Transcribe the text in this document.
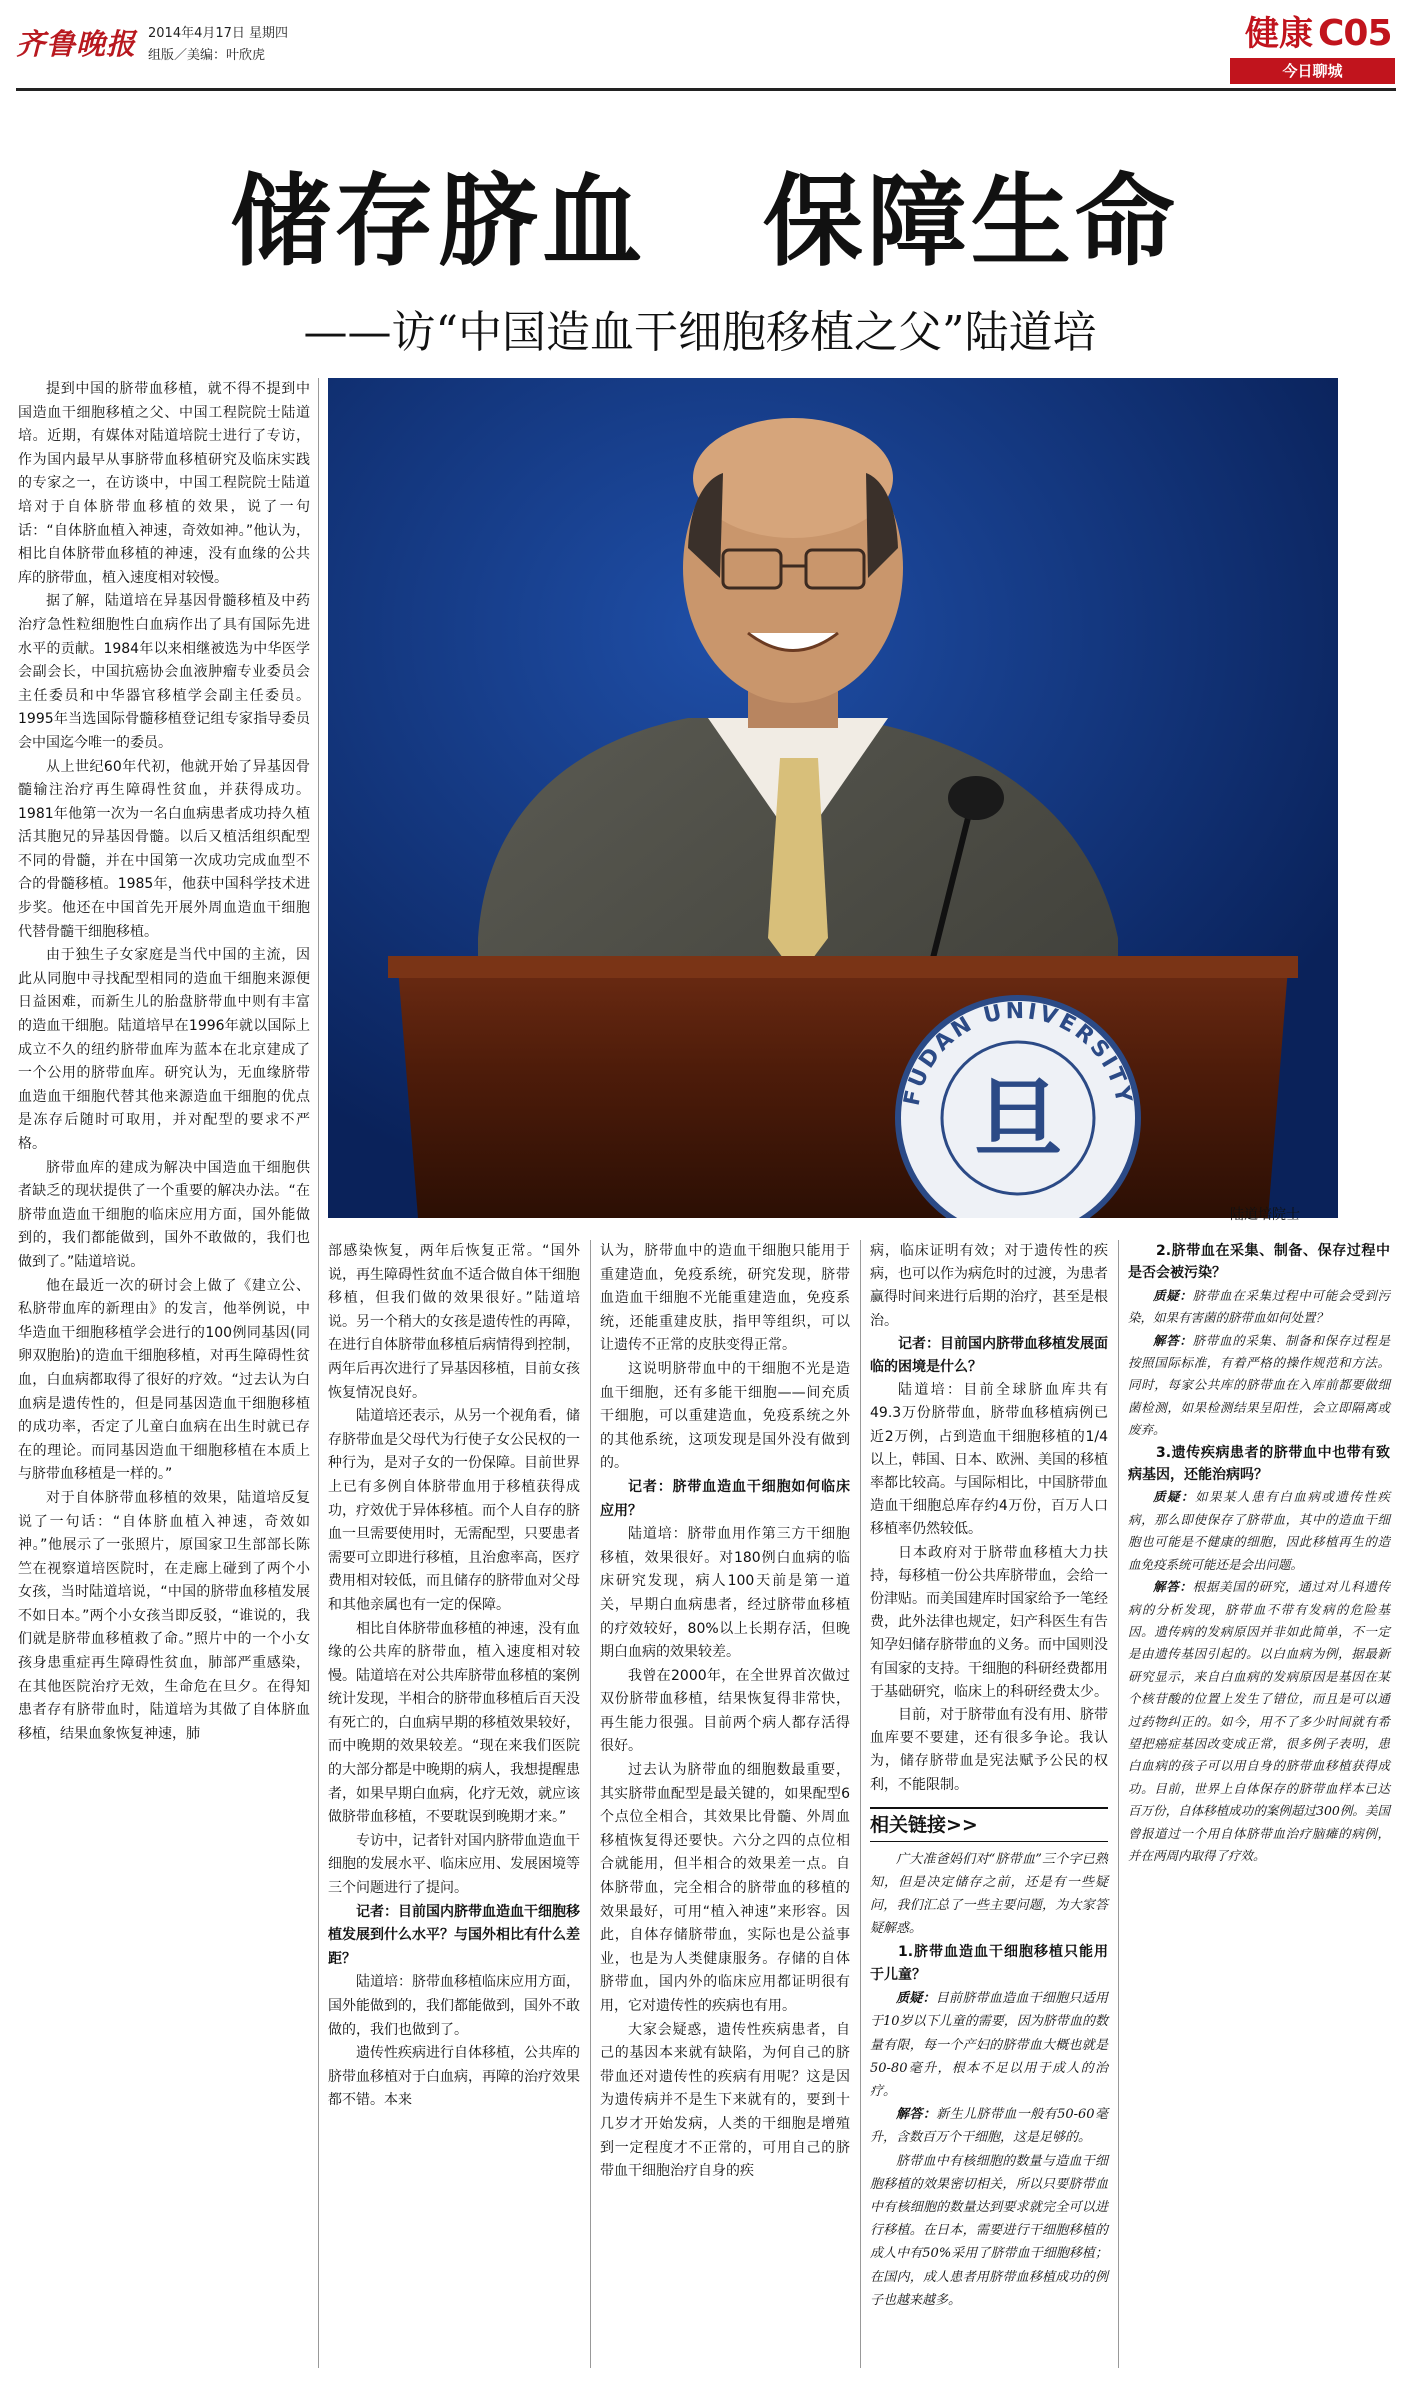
齐鲁晚报 2014年4月17日 星期四
组版／美编：叶欣虎
健康 C05
今日聊城
储存脐血   保障生命
——访“中国造血干细胞移植之父”陆道培
旦
FUDAN UNIVERSITY
陆道培院士

提到中国的脐带血移植，就不得不提到中国造血干细胞移植之父、中国工程院院士陆道培。近期，有媒体对陆道培院士进行了专访，作为国内最早从事脐带血移植研究及临床实践的专家之一，在访谈中，中国工程院院士陆道培对于自体脐带血移植的效果，说了一句话：“自体脐血植入神速，奇效如神。”他认为，相比自体脐带血移植的神速，没有血缘的公共库的脐带血，植入速度相对较慢。

据了解，陆道培在异基因骨髓移植及中药治疗急性粒细胞性白血病作出了具有国际先进水平的贡献。1984年以来相继被选为中华医学会副会长，中国抗癌协会血液肿瘤专业委员会主任委员和中华器官移植学会副主任委员。1995年当选国际骨髓移植登记组专家指导委员会中国迄今唯一的委员。

从上世纪60年代初，他就开始了异基因骨髓输注治疗再生障碍性贫血，并获得成功。1981年他第一次为一名白血病患者成功持久植活其胞兄的异基因骨髓。以后又植活组织配型不同的骨髓，并在中国第一次成功完成血型不合的骨髓移植。1985年，他获中国科学技术进步奖。他还在中国首先开展外周血造血干细胞代替骨髓干细胞移植。

由于独生子女家庭是当代中国的主流，因此从同胞中寻找配型相同的造血干细胞来源便日益困难，而新生儿的胎盘脐带血中则有丰富的造血干细胞。陆道培早在1996年就以国际上成立不久的纽约脐带血库为蓝本在北京建成了一个公用的脐带血库。研究认为，无血缘脐带血造血干细胞代替其他来源造血干细胞的优点是冻存后随时可取用，并对配型的要求不严格。

脐带血库的建成为解决中国造血干细胞供者缺乏的现状提供了一个重要的解决办法。“在脐带血造血干细胞的临床应用方面，国外能做到的，我们都能做到，国外不敢做的，我们也做到了。”陆道培说。

他在最近一次的研讨会上做了《建立公、私脐带血库的新理由》的发言，他举例说，中华造血干细胞移植学会进行的100例同基因(同卵双胞胎)的造血干细胞移植，对再生障碍性贫血，白血病都取得了很好的疗效。“过去认为白血病是遗传性的，但是同基因造血干细胞移植的成功率，否定了儿童白血病在出生时就已存在的理论。而同基因造血干细胞移植在本质上与脐带血移植是一样的。”

对于自体脐带血移植的效果，陆道培反复说了一句话：“自体脐血植入神速，奇效如神。”他展示了一张照片，原国家卫生部部长陈竺在视察道培医院时，在走廊上碰到了两个小女孩，当时陆道培说，“中国的脐带血移植发展不如日本。”两个小女孩当即反驳，“谁说的，我们就是脐带血移植救了命。”照片中的一个小女孩身患重症再生障碍性贫血，肺部严重感染，在其他医院治疗无效，生命危在旦夕。在得知患者存有脐带血时，陆道培为其做了自体脐血移植，结果血象恢复神速，肺

部感染恢复，两年后恢复正常。“国外说，再生障碍性贫血不适合做自体干细胞移植，但我们做的效果很好。”陆道培说。另一个稍大的女孩是遗传性的再障，在进行自体脐带血移植后病情得到控制，两年后再次进行了异基因移植，目前女孩恢复情况良好。

陆道培还表示，从另一个视角看，储存脐带血是父母代为行使子女公民权的一种行为，是对子女的一份保障。目前世界上已有多例自体脐带血用于移植获得成功，疗效优于异体移植。而个人自存的脐血一旦需要使用时，无需配型，只要患者需要可立即进行移植，且治愈率高，医疗费用相对较低，而且储存的脐带血对父母和其他亲属也有一定的保障。

相比自体脐带血移植的神速，没有血缘的公共库的脐带血，植入速度相对较慢。陆道培在对公共库脐带血移植的案例统计发现，半相合的脐带血移植后百天没有死亡的，白血病早期的移植效果较好，而中晚期的效果较差。“现在来我们医院的大部分都是中晚期的病人，我想提醒患者，如果早期白血病，化疗无效，就应该做脐带血移植，不要耽误到晚期才来。”

专访中，记者针对国内脐带血造血干细胞的发展水平、临床应用、发展困境等三个问题进行了提问。

记者：目前国内脐带血造血干细胞移植发展到什么水平？与国外相比有什么差距？

陆道培：脐带血移植临床应用方面，国外能做到的，我们都能做到，国外不敢做的，我们也做到了。

遗传性疾病进行自体移植，公共库的脐带血移植对于白血病，再障的治疗效果都不错。本来

认为，脐带血中的造血干细胞只能用于重建造血，免疫系统，研究发现，脐带血造血干细胞不光能重建造血，免疫系统，还能重建皮肤，指甲等组织，可以让遗传不正常的皮肤变得正常。

这说明脐带血中的干细胞不光是造血干细胞，还有多能干细胞——间充质干细胞，可以重建造血，免疫系统之外的其他系统，这项发现是国外没有做到的。

记者：脐带血造血干细胞如何临床应用？

陆道培：脐带血用作第三方干细胞移植，效果很好。对180例白血病的临床研究发现，病人100天前是第一道关，早期白血病患者，经过脐带血移植的疗效较好，80%以上长期存活，但晚期白血病的效果较差。

我曾在2000年，在全世界首次做过双份脐带血移植，结果恢复得非常快，再生能力很强。目前两个病人都存活得很好。

过去认为脐带血的细胞数最重要，其实脐带血配型是最关键的，如果配型6个点位全相合，其效果比骨髓、外周血移植恢复得还要快。六分之四的点位相合就能用，但半相合的效果差一点。自体脐带血，完全相合的脐带血的移植的效果最好，可用“植入神速”来形容。因此，自体存储脐带血，实际也是公益事业，也是为人类健康服务。存储的自体脐带血，国内外的临床应用都证明很有用，它对遗传性的疾病也有用。

大家会疑惑，遗传性疾病患者，自己的基因本来就有缺陷，为何自己的脐带血还对遗传性的疾病有用呢？这是因为遗传病并不是生下来就有的，要到十几岁才开始发病，人类的干细胞是增殖到一定程度才不正常的，可用自己的脐带血干细胞治疗自身的疾

病，临床证明有效；对于遗传性的疾病，也可以作为病危时的过渡，为患者赢得时间来进行后期的治疗，甚至是根治。

记者：目前国内脐带血移植发展面临的困境是什么？

陆道培：目前全球脐血库共有49.3万份脐带血，脐带血移植病例已近2万例，占到造血干细胞移植的1/4以上，韩国、日本、欧洲、美国的移植率都比较高。与国际相比，中国脐带血造血干细胞总库存约4万份，百万人口移植率仍然较低。

日本政府对于脐带血移植大力扶持，每移植一份公共库脐带血，会给一份津贴。而美国建库时国家给予一笔经费，此外法律也规定，妇产科医生有告知孕妇储存脐带血的义务。而中国则没有国家的支持。干细胞的科研经费都用于基础研究，临床上的科研经费太少。

目前，对于脐带血有没有用、脐带血库要不要建，还有很多争论。我认为，储存脐带血是宪法赋予公民的权利，不能限制。

相关链接>>

广大准爸妈们对“脐带血”三个字已熟知，但是决定储存之前，还是有一些疑问，我们汇总了一些主要问题，为大家答疑解惑。

1.脐带血造血干细胞移植只能用于儿童？

质疑：目前脐带血造血干细胞只适用于10岁以下儿童的需要，因为脐带血的数量有限，每一个产妇的脐带血大概也就是50-80毫升，根本不足以用于成人的治疗。

解答：新生儿脐带血一般有50-60毫升，含数百万个干细胞，这是足够的。

脐带血中有核细胞的数量与造血干细胞移植的效果密切相关，所以只要脐带血中有核细胞的数量达到要求就完全可以进行移植。在日本，需要进行干细胞移植的成人中有50%采用了脐带血干细胞移植；在国内，成人患者用脐带血移植成功的例子也越来越多。

2.脐带血在采集、制备、保存过程中是否会被污染？

质疑：脐带血在采集过程中可能会受到污染，如果有害菌的脐带血如何处置？

解答：脐带血的采集、制备和保存过程是按照国际标准，有着严格的操作规范和方法。同时，每家公共库的脐带血在入库前都要做细菌检测，如果检测结果呈阳性，会立即隔离或废弃。

3.遗传疾病患者的脐带血中也带有致病基因，还能治病吗？

质疑：如果某人患有白血病或遗传性疾病，那么即使保存了脐带血，其中的造血干细胞也可能是不健康的细胞，因此移植再生的造血免疫系统可能还是会出问题。

解答：根据美国的研究，通过对儿科遗传病的分析发现，脐带血不带有发病的危险基因。遗传病的发病原因并非如此简单，不一定是由遗传基因引起的。以白血病为例，据最新研究显示，来自白血病的发病原因是基因在某个核苷酸的位置上发生了错位，而且是可以通过药物纠正的。如今，用不了多少时间就有希望把癌症基因改变成正常，很多例子表明，患白血病的孩子可以用自身的脐带血移植获得成功。目前，世界上自体保存的脐带血样本已达百万份，自体移植成功的案例超过300例。美国曾报道过一个用自体脐带血治疗脑瘫的病例，并在两周内取得了疗效。
